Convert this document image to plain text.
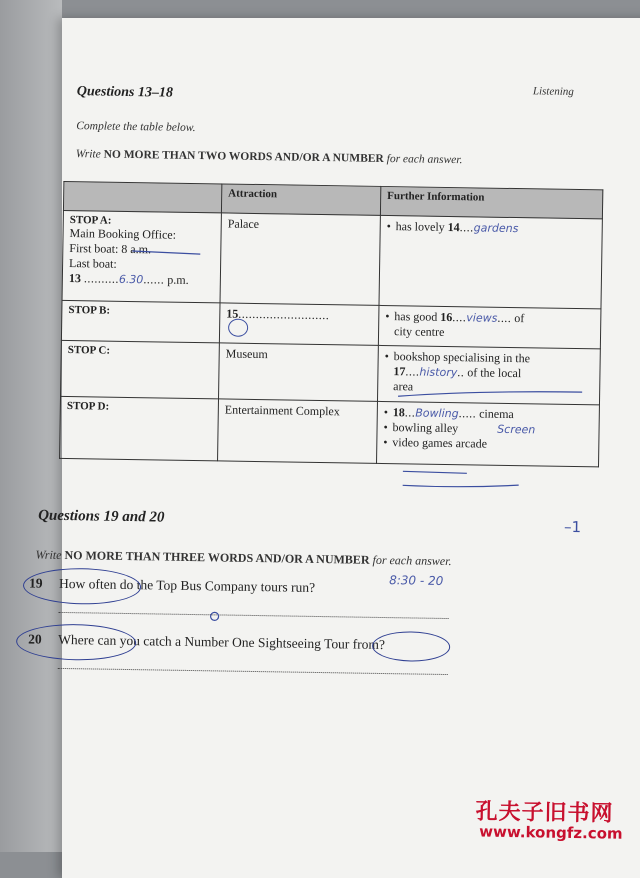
Listening
Questions 13–18
Complete the table below.
Write NO MORE THAN TWO WORDS AND/OR A NUMBER for each answer.
	Attraction	Further Information

STOP A:
Main Booking Office:
First boat: 8 a.m.
Last boat:
13 ..........6.30...... p.m.	Palace	• has lovely 14....gardens

STOP B:	15..........................	• has good 16....views.... of
city centre

STOP C:	Museum	• bookshop specialising in the
17....history.. of the local
area

STOP D:	Entertainment Complex	• 18...Bowling..... cinema
• bowling alley Screen
• video games arcade
Questions 19 and 20
–1
Write NO MORE THAN THREE WORDS AND/OR A NUMBER for each answer.
19 How often do the Top Bus Company tours run?	8:30 - 20
20 Where can you catch a Number One Sightseeing Tour from?
孔夫子旧书网
www.kongfz.com
